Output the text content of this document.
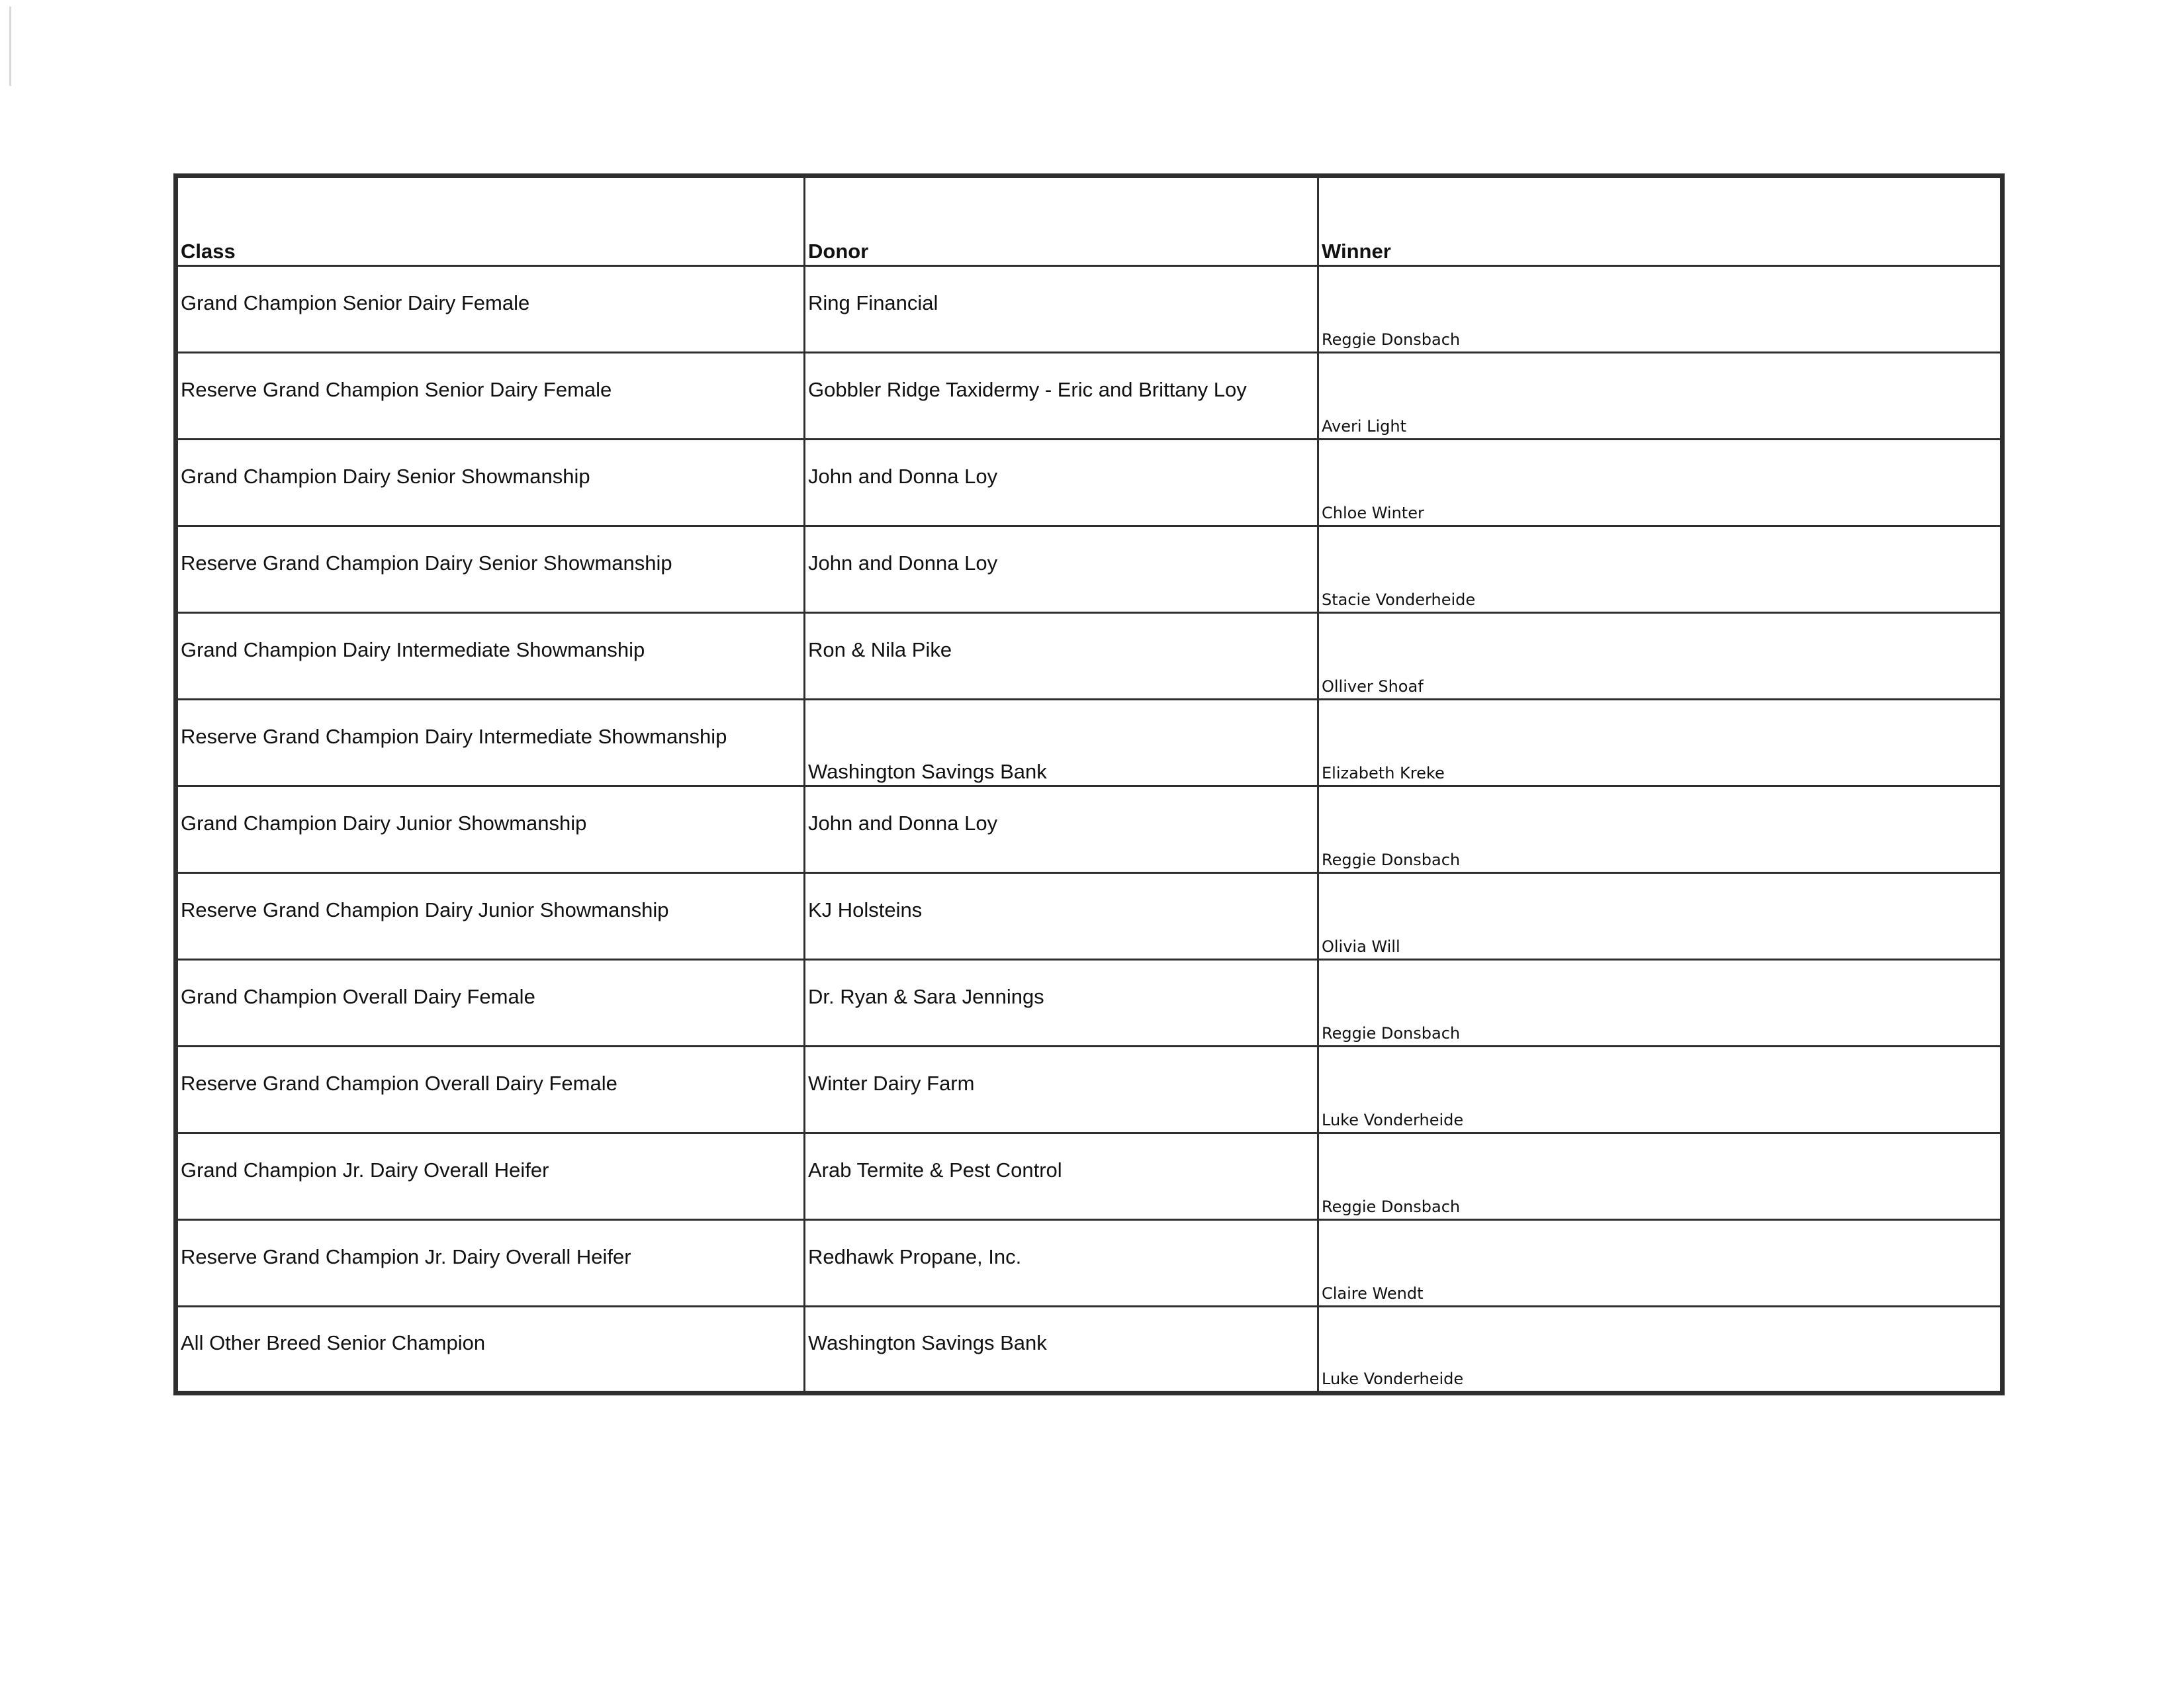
Class	Donor	Winner
Grand Champion Senior Dairy Female	Ring Financial	Reggie Donsbach
Reserve Grand Champion Senior Dairy Female	Gobbler Ridge Taxidermy - Eric and Brittany Loy	Averi Light
Grand Champion Dairy Senior Showmanship	John and Donna Loy	Chloe Winter
Reserve Grand Champion Dairy Senior Showmanship	John and Donna Loy	Stacie Vonderheide
Grand Champion Dairy Intermediate Showmanship	Ron & Nila Pike	Olliver Shoaf
Reserve Grand Champion Dairy Intermediate Showmanship	Washington Savings Bank	Elizabeth Kreke
Grand Champion Dairy Junior Showmanship	John and Donna Loy	Reggie Donsbach
Reserve Grand Champion Dairy Junior Showmanship	KJ Holsteins	Olivia Will
Grand Champion Overall Dairy Female	Dr. Ryan & Sara Jennings	Reggie Donsbach
Reserve Grand Champion Overall Dairy Female	Winter Dairy Farm	Luke Vonderheide
Grand Champion Jr. Dairy Overall Heifer	Arab Termite & Pest Control	Reggie Donsbach
Reserve Grand Champion Jr. Dairy Overall Heifer	Redhawk Propane, Inc.	Claire Wendt
All Other Breed Senior Champion	Washington Savings Bank	Luke Vonderheide
